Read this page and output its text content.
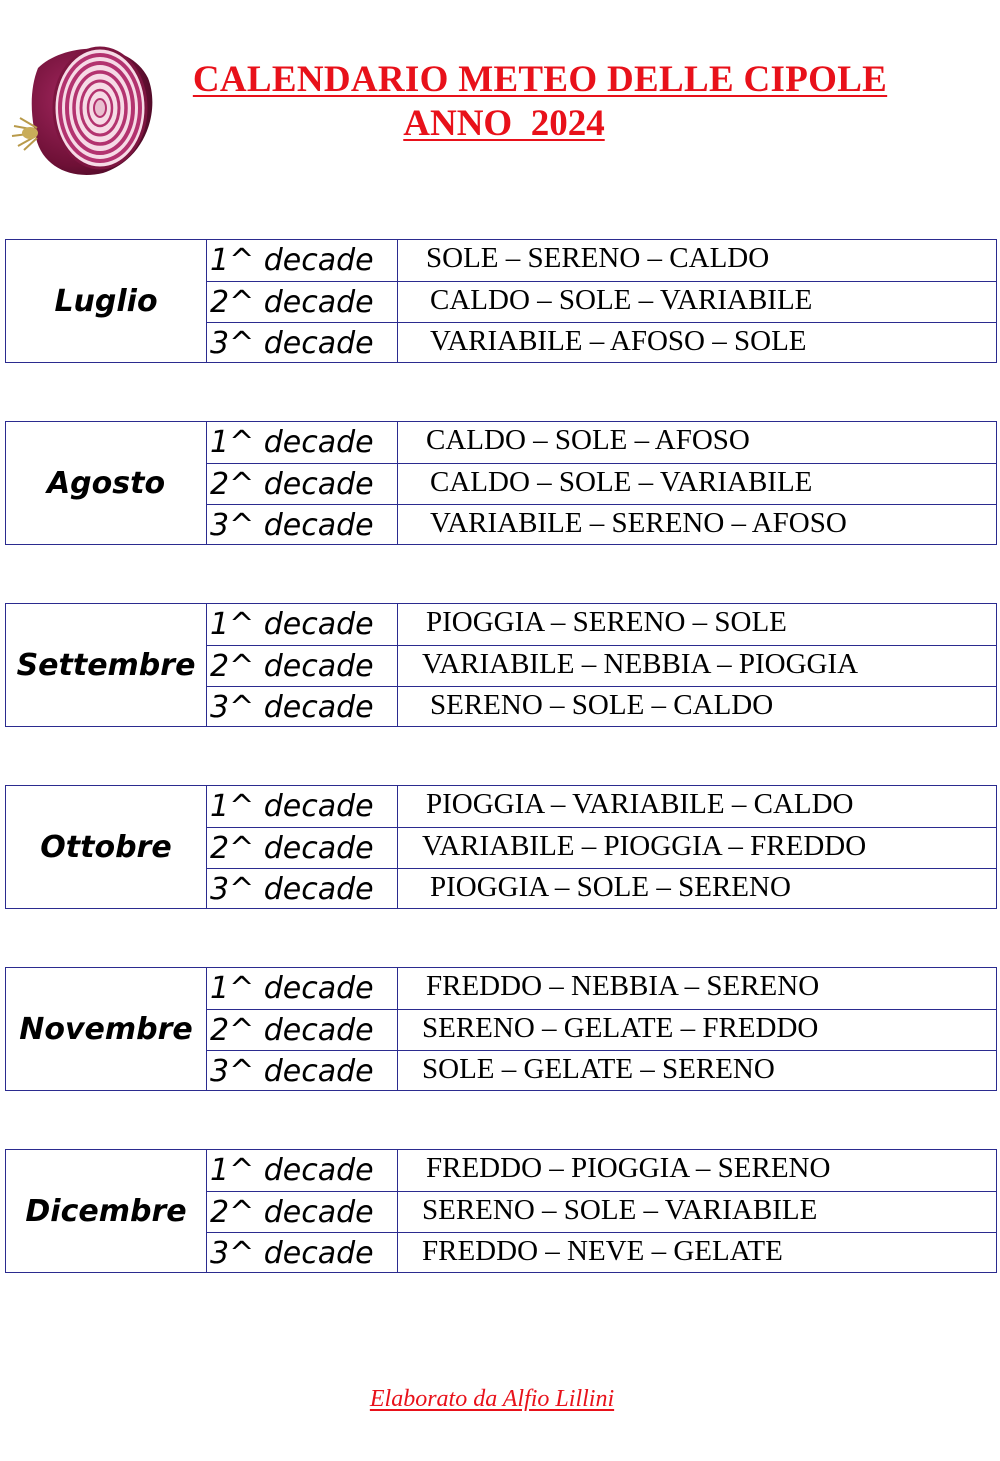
CALENDARIO METEO DELLE CIPOLE
ANNO  2024
Luglio
1^ decade	SOLE – SERENO – CALDO
2^ decade	CALDO – SOLE – VARIABILE
3^ decade	VARIABILE – AFOSO – SOLE
Agosto
1^ decade	CALDO – SOLE – AFOSO
2^ decade	CALDO – SOLE – VARIABILE
3^ decade	VARIABILE – SERENO – AFOSO
Settembre
1^ decade	PIOGGIA – SERENO – SOLE
2^ decade	VARIABILE – NEBBIA – PIOGGIA
3^ decade	SERENO – SOLE – CALDO
Ottobre
1^ decade	PIOGGIA – VARIABILE – CALDO
2^ decade	VARIABILE – PIOGGIA – FREDDO
3^ decade	PIOGGIA – SOLE – SERENO
Novembre
1^ decade	FREDDO – NEBBIA – SERENO
2^ decade	SERENO – GELATE – FREDDO
3^ decade	SOLE – GELATE – SERENO
Dicembre
1^ decade	FREDDO – PIOGGIA – SERENO
2^ decade	SERENO – SOLE – VARIABILE
3^ decade	FREDDO – NEVE – GELATE
Elaborato da Alfio Lillini
